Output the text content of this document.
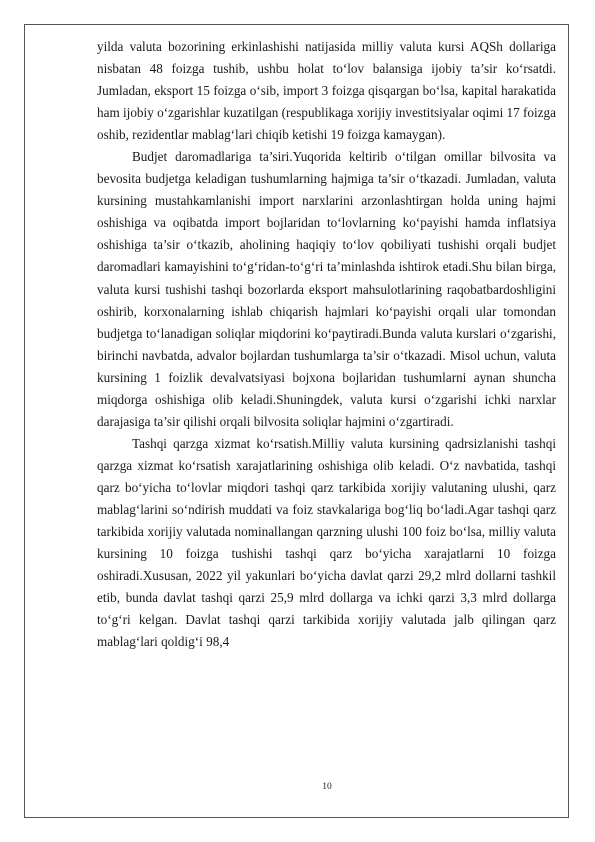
yilda valuta bozorining erkinlashishi natijasida milliy valuta kursi AQSh dollariga nisbatan 48 foizga tushib, ushbu holat to‘lov balansiga ijobiy ta’sir ko‘rsatdi. Jumladan, eksport 15 foizga o‘sib, import 3 foizga qisqargan bo‘lsa, kapital harakatida ham ijobiy o‘zgarishlar kuzatilgan (respublikaga xorijiy investitsiyalar oqimi 17 foizga oshib, rezidentlar mablag‘lari chiqib ketishi 19 foizga kamaygan).

Budjet daromadlariga ta’siri.Yuqorida keltirib o‘tilgan omillar bilvosita va bevosita budjetga keladigan tushumlarning hajmiga ta’sir o‘tkazadi. Jumladan, valuta kursining mustahkamlanishi import narxlarini arzonlashtirgan holda uning hajmi oshishiga va oqibatda import bojlaridan to‘lovlarning ko‘payishi hamda inflatsiya oshishiga ta’sir o‘tkazib, aholining haqiqiy to‘lov qobiliyati tushishi orqali budjet daromadlari kamayishini to‘g‘ridan-to‘g‘ri ta’minlashda ishtirok etadi.Shu bilan birga, valuta kursi tushishi tashqi bozorlarda eksport mahsulotlarining raqobatbardoshligini oshirib, korxonalarning ishlab chiqarish hajmlari ko‘payishi orqali ular tomondan budjetga to‘lanadigan soliqlar miqdorini ko‘paytiradi.Bunda valuta kurslari o‘zgarishi, birinchi navbatda, advalor bojlardan tushumlarga ta’sir o‘tkazadi. Misol uchun, valuta kursining 1 foizlik devalvatsiyasi bojxona bojlaridan tushumlarni aynan shuncha miqdorga oshishiga olib keladi.Shuningdek, valuta kursi o‘zgarishi ichki narxlar darajasiga ta’sir qilishi orqali bilvosita soliqlar hajmini o‘zgartiradi.

Tashqi qarzga xizmat ko‘rsatish.Milliy valuta kursining qadrsizlanishi tashqi qarzga xizmat ko‘rsatish xarajatlarining oshishiga olib keladi. O‘z navbatida, tashqi qarz bo‘yicha to‘lovlar miqdori tashqi qarz tarkibida xorijiy valutaning ulushi, qarz mablag‘larini so‘ndirish muddati va foiz stavkalariga bog‘liq bo‘ladi.Agar tashqi qarz tarkibida xorijiy valutada nominallangan qarzning ulushi 100 foiz bo‘lsa, milliy valuta kursining 10 foizga tushishi tashqi qarz bo‘yicha xarajatlarni 10 foizga oshiradi.Xususan, 2022 yil yakunlari bo‘yicha davlat qarzi 29,2 mlrd dollarni tashkil etib, bunda davlat tashqi qarzi 25,9 mlrd dollarga va ichki qarzi 3,3 mlrd dollarga to‘g‘ri kelgan. Davlat tashqi qarzi tarkibida xorijiy valutada jalb qilingan qarz mablag‘lari qoldig‘i 98,4

10
